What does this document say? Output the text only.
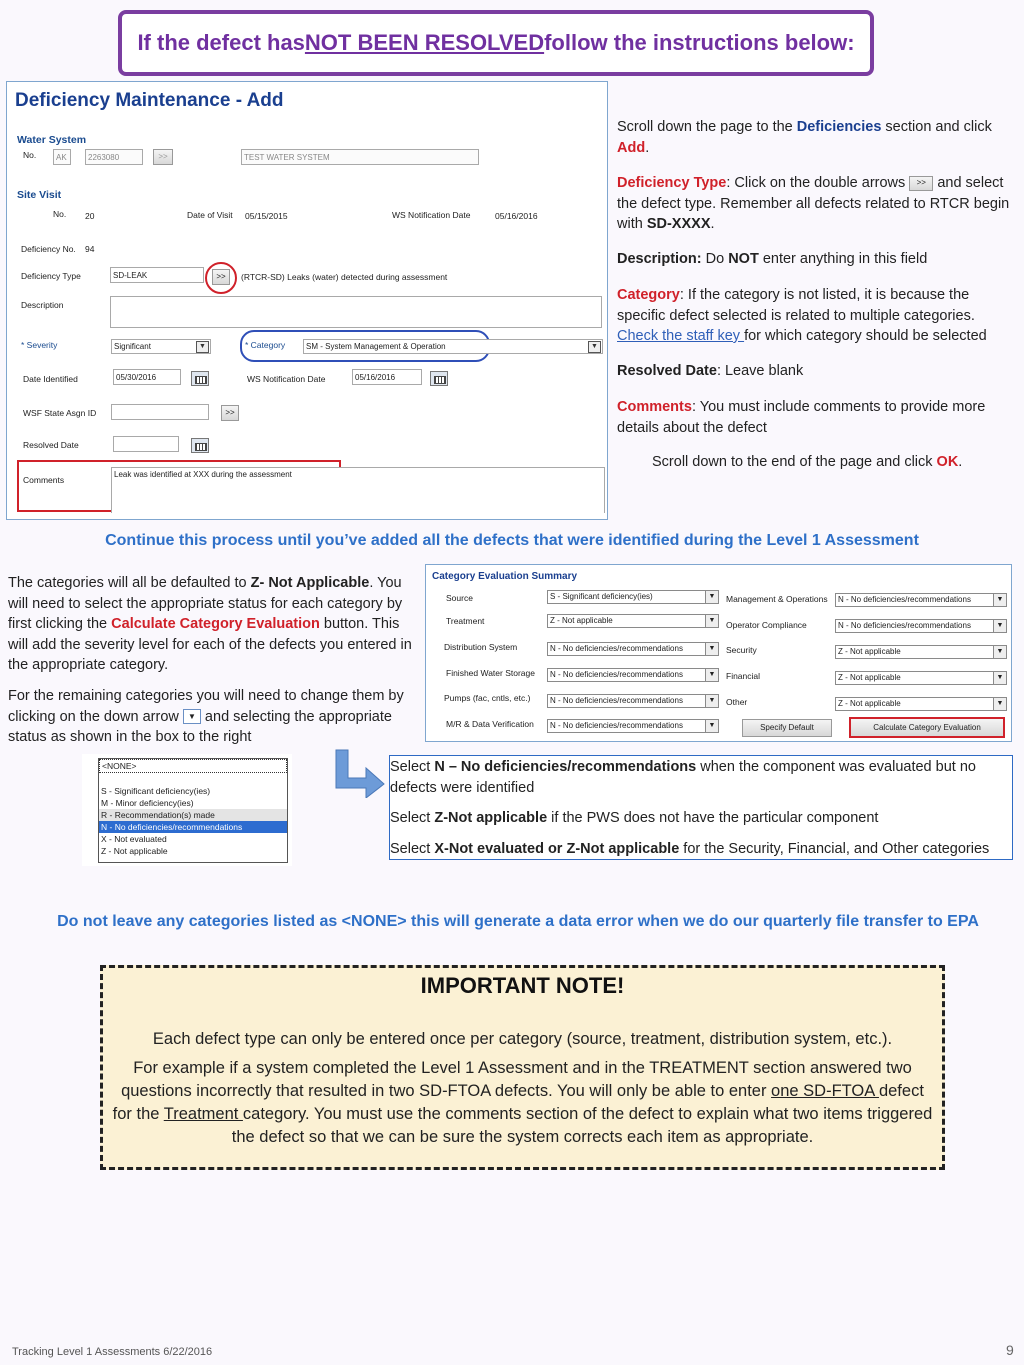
If the defect has NOT BEEN RESOLVED follow the instructions below:
Deficiency Maintenance - Add
Water System
No.	AK	2263080	>>	TEST WATER SYSTEM
Site Visit
No. 20	Date of Visit 05/15/2015	WS Notification Date	05/16/2016
Deficiency No. 94
Deficiency Type	SD-LEAK	>>	(RTCR-SD) Leaks (water) detected during assessment
Description
* Severity	Significant	▼	* Category	SM - System Management & Operation	▼
Date Identified	05/30/2016	WS Notification Date	05/16/2016
WSF State Asgn ID	>>
Resolved Date
Comments
Leak was identified at XXX during the assessment
Scroll down the page to the Deficiencies section and click Add.
Deficiency Type: Click on the double arrows >> and select the defect type. Remember all defects related to RTCR begin with SD-XXXX.
Description: Do NOT enter anything in this field
Category: If the category is not listed, it is because the specific defect selected is related to multiple categories. Check the staff key for which category should be selected
Resolved Date: Leave blank
Comments: You must include comments to provide more details about the defect
Scroll down to the end of the page and click OK.
Continue this process until you’ve added all the defects that were identified during the Level 1 Assessment
The categories will all be defaulted to Z- Not Applicable. You will need to select the appropriate status for each category by first clicking the Calculate Category Evaluation button. This will add the severity level for each of the defects you entered in the appropriate category.
For the remaining categories you will need to change them by clicking on the down arrow ▼ and selecting the appropriate status as shown in the box to the right
Category Evaluation Summary
Source	S - Significant deficiency(ies)	▼
Treatment	Z - Not applicable	▼
Distribution System	N - No deficiencies/recommendations	▼
Finished Water Storage	N - No deficiencies/recommendations	▼
Pumps (fac, cntls, etc.)	N - No deficiencies/recommendations	▼
M/R & Data Verification	N - No deficiencies/recommendations	▼
Management & Operations	N - No deficiencies/recommendations	▼
Operator Compliance	N - No deficiencies/recommendations	▼
Security	Z - Not applicable	▼
Financial	Z - Not applicable	▼
Other	Z - Not applicable	▼
Specify Default	Calculate Category Evaluation
<NONE>
S - Significant deficiency(ies)
M - Minor deficiency(ies)
R - Recommendation(s) made
N - No deficiencies/recommendations
X - Not evaluated
Z - Not applicable
Select N – No deficiencies/recommendations when the component was evaluated but no defects were identified
Select Z-Not applicable if the PWS does not have the particular component
Select X-Not evaluated or Z-Not applicable for the Security, Financial, and Other categories
Do not leave any categories listed as <NONE> this will generate a data error when we do our quarterly file transfer to EPA
IMPORTANT NOTE!
Each defect type can only be entered once per category (source, treatment, distribution system, etc.).
For example if a system completed the Level 1 Assessment and in the TREATMENT section answered two questions incorrectly that resulted in two SD-FTOA defects. You will only be able to enter one SD-FTOA defect for the Treatment category. You must use the comments section of the defect to explain what two items triggered the defect so that we can be sure the system corrects each item as appropriate.
Tracking Level 1 Assessments 6/22/2016	9
